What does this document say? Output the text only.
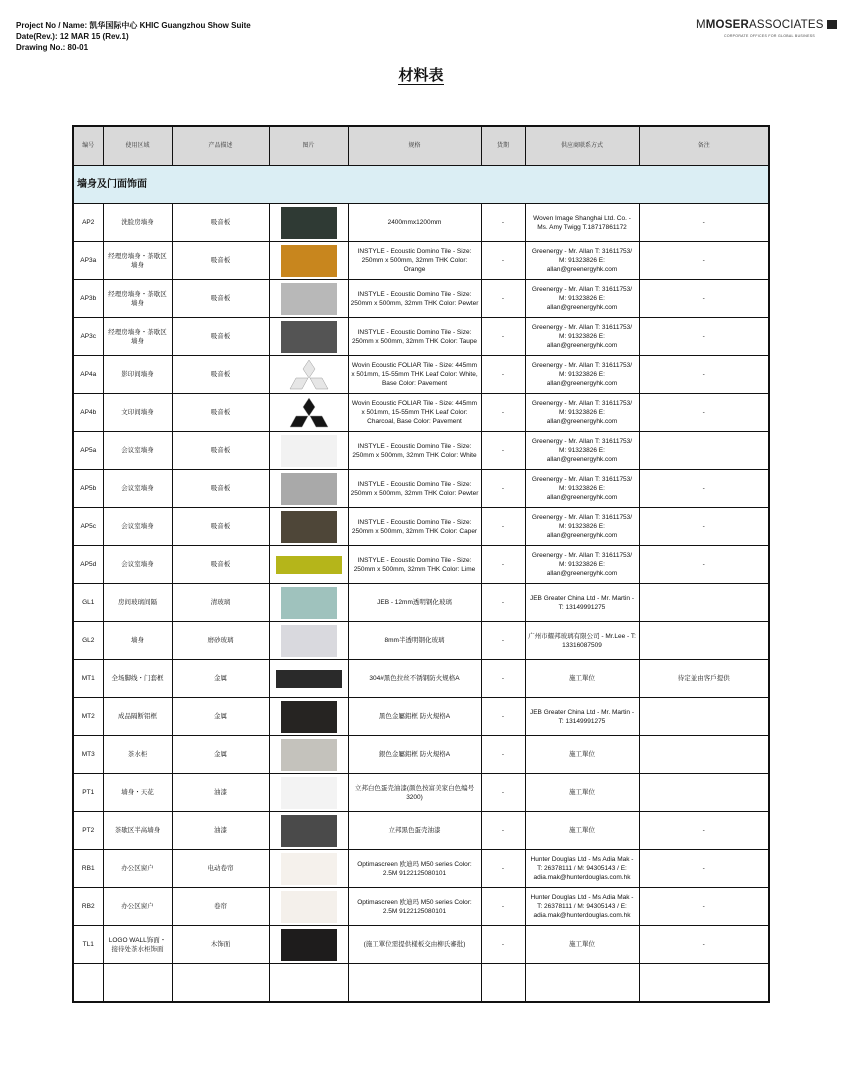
Project No / Name: 凯华国际中心 KHIC Guangzhou Show Suite
Date(Rev.): 12 MAR 15 (Rev.1)
Drawing No.: 80-01
MMOSERASSOCIATES
CORPORATE OFFICES FOR GLOBAL BUSINESS
材料表
编号	使用区域	产品描述	图片	规格	货期	供应商联系方式	备注
墙身及门面饰面							
AP2	洗脸房墙身	吸音板		2400mmx1200mm	-	Woven Image Shanghai Ltd. Co. - Ms. Amy Twigg T.18717861172	-
AP3a	经理房墙身・茶歇区墙身	吸音板		INSTYLE - Ecoustic Domino Tile - Size: 250mm x 500mm, 32mm THK Color: Orange	-	Greenergy - Mr. Allan T: 31611753/ M: 91323826 E: allan@greenergyhk.com	-
AP3b	经理房墙身・茶歇区墙身	吸音板		INSTYLE - Ecoustic Domino Tile - Size: 250mm x 500mm, 32mm THK Color: Pewter	-	Greenergy - Mr. Allan T: 31611753/ M: 91323826 E: allan@greenergyhk.com	-
AP3c	经理房墙身・茶歇区墙身	吸音板		INSTYLE - Ecoustic Domino Tile - Size: 250mm x 500mm, 32mm THK Color: Taupe	-	Greenergy - Mr. Allan T: 31611753/ M: 91323826 E: allan@greenergyhk.com	-
AP4a	影印间墙身	吸音板		Wovin Ecoustic FOLIAR Tile - Size: 445mm x 501mm, 15-55mm THK Leaf Color: White, Base Color: Pavement	-	Greenergy - Mr. Allan T: 31611753/ M: 91323826 E: allan@greenergyhk.com	-
AP4b	文印间墙身	吸音板		Wovin Ecoustic FOLIAR Tile - Size: 445mm x 501mm, 15-55mm THK Leaf Color: Charcoal, Base Color: Pavement	-	Greenergy - Mr. Allan T: 31611753/ M: 91323826 E: allan@greenergyhk.com	-
AP5a	会议室墙身	吸音板		INSTYLE - Ecoustic Domino Tile - Size: 250mm x 500mm, 32mm THK Color: White	-	Greenergy - Mr. Allan T: 31611753/ M: 91323826 E: allan@greenergyhk.com	
AP5b	会议室墙身	吸音板		INSTYLE - Ecoustic Domino Tile - Size: 250mm x 500mm, 32mm THK Color: Pewter	-	Greenergy - Mr. Allan T: 31611753/ M: 91323826 E: allan@greenergyhk.com	-
AP5c	会议室墙身	吸音板		INSTYLE - Ecoustic Domino Tile - Size: 250mm x 500mm, 32mm THK Color: Caper	-	Greenergy - Mr. Allan T: 31611753/ M: 91323826 E: allan@greenergyhk.com	-
AP5d	会议室墙身	吸音板		INSTYLE - Ecoustic Domino Tile - Size: 250mm x 500mm, 32mm THK Color: Lime	-	Greenergy - Mr. Allan T: 31611753/ M: 91323826 E: allan@greenergyhk.com	-
GL1	房间玻璃间隔	清玻璃		JEB - 12mm透明钢化玻璃	-	JEB Greater China Ltd - Mr. Martin - T: 13149991275	
GL2	墙身	磨砂玻璃		8mm半透明钢化玻璃	-	广州市耀邦玻璃有限公司 - Mr.Lee - T: 13316087509	
MT1	全场脚线・门套框	金属		304#黑色拉丝不锈钢防火规格A	-	施工單位	待定並由客戶提供
MT2	成品隔断铝框	金属		黑色金屬鋁框 防火規格A	-	JEB Greater China Ltd - Mr. Martin - T: 13149991275	
MT3	茶水柜	金属		銀色金屬鋁框 防火規格A	-	施工單位	
PT1	墙身・天花	油漆		立邦白色蛋壳油漆(颜色按富美家白色编号3200)	-	施工單位	
PT2	茶歇区半高墙身	油漆		立邦黑色蛋壳油漆	-	施工單位	-
RB1	办公区窗户	电动卷帘		Optimascreen 欧迪玛 M50 series Color: 2.5M 9122125080101	-	Hunter Douglas Ltd - Ms Adia Mak - T: 26378111 / M: 94305143 / E: adia.mak@hunterdouglas.com.hk	-
RB2	办公区窗户	卷帘		Optimascreen 欧迪玛 M50 series Color: 2.5M 9122125080101	-	Hunter Douglas Ltd - Ms Adia Mak - T: 26378111 / M: 94305143 / E: adia.mak@hunterdouglas.com.hk	-
TL1	LOGO WALL饰面・接待处茶水柜饰面	木饰面		(施工單位需提供樣板交由柳氏審批)	-	施工單位	-
